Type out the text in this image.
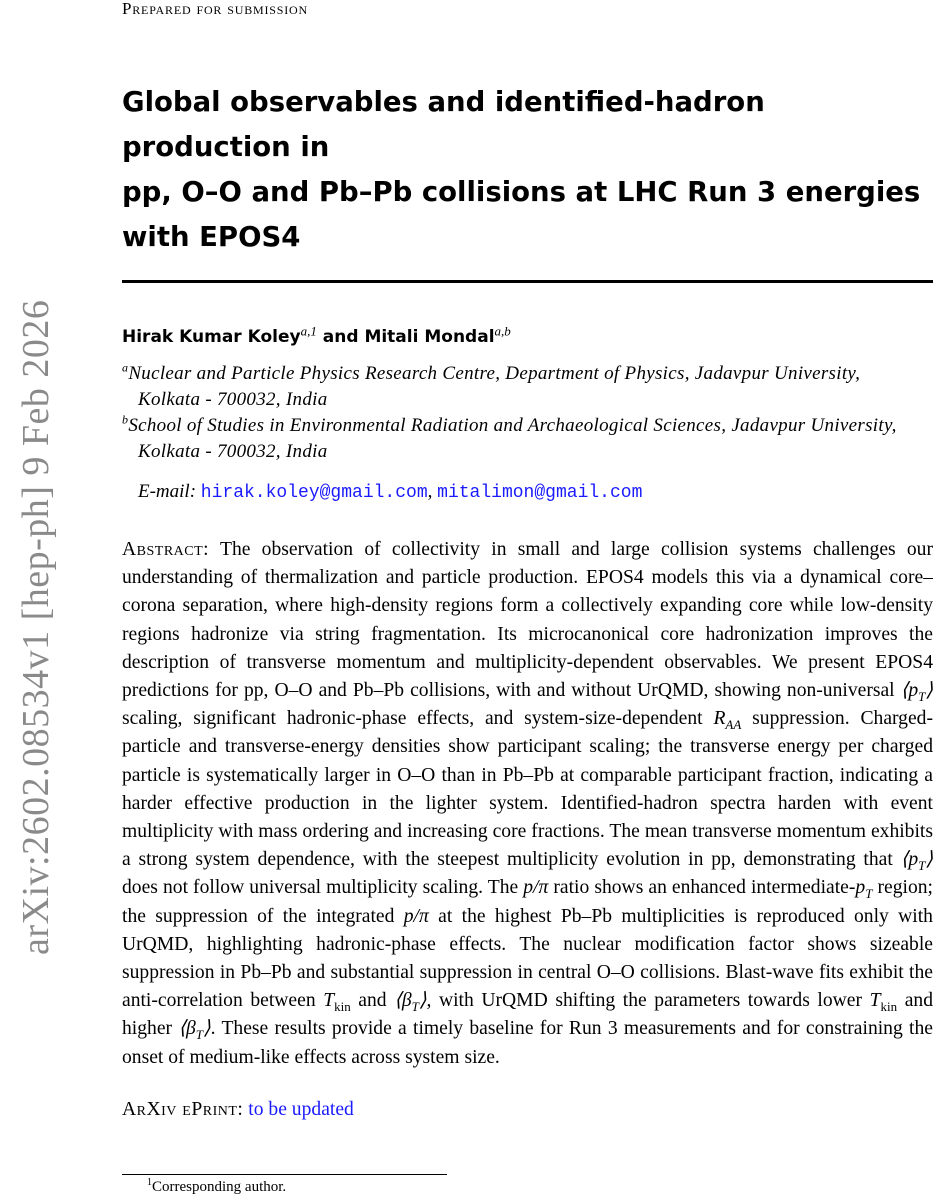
arXiv:2602.08534v1 [hep-ph] 9 Feb 2026
Prepared for submission
Global observables and identified-hadron production in
pp, O–O and Pb–Pb collisions at LHC Run 3 energies
with EPOS4
Hirak Kumar Koley$^{a,1}$ and Mitali Mondal$^{a,b}$
$^a$Nuclear and Particle Physics Research Centre, Department of Physics, Jadavpur University,
Kolkata - 700032, India
$^b$School of Studies in Environmental Radiation and Archaeological Sciences, Jadavpur University,
Kolkata - 700032, India
E-mail: hirak.koley@gmail.com, mitalimon@gmail.com
Abstract: The observation of collectivity in small and large collision systems challenges our understanding of thermalization and particle production. EPOS4 models this via a dynamical core–corona separation, where high-density regions form a collectively expanding core while low-density regions hadronize via string fragmentation. Its microcanonical core hadronization improves the description of transverse momentum and multiplicity-dependent observables. We present EPOS4 predictions for pp, O–O and Pb–Pb collisions, with and without UrQMD, showing non-universal $⟨p_T⟩$ scaling, significant hadronic-phase effects, and system-size-dependent $R_{AA}$ suppression. Charged-particle and transverse-energy densities show participant scaling; the transverse energy per charged particle is systematically larger in O–O than in Pb–Pb at comparable participant fraction, indicating a harder effective production in the lighter system. Identified-hadron spectra harden with event multiplicity with mass ordering and increasing core fractions. The mean transverse momentum exhibits a strong system dependence, with the steepest multiplicity evolution in pp, demonstrating that $⟨p_T⟩$ does not follow universal multiplicity scaling. The p/π ratio shows an enhanced intermediate-$p_T$ region; the suppression of the integrated p/π at the highest Pb–Pb multiplicities is reproduced only with UrQMD, highlighting hadronic-phase effects. The nuclear modification factor shows sizeable suppression in Pb–Pb and substantial suppression in central O–O collisions. Blast-wave fits exhibit the anti-correlation between $T_{kin}$ and $⟨\beta_T⟩$, with UrQMD shifting the parameters towards lower $T_{kin}$ and higher $⟨\beta_T⟩$. These results provide a timely baseline for Run 3 measurements and for constraining the onset of medium-like effects across system size.
ArXiv ePrint: to be updated
$^1$Corresponding author.
